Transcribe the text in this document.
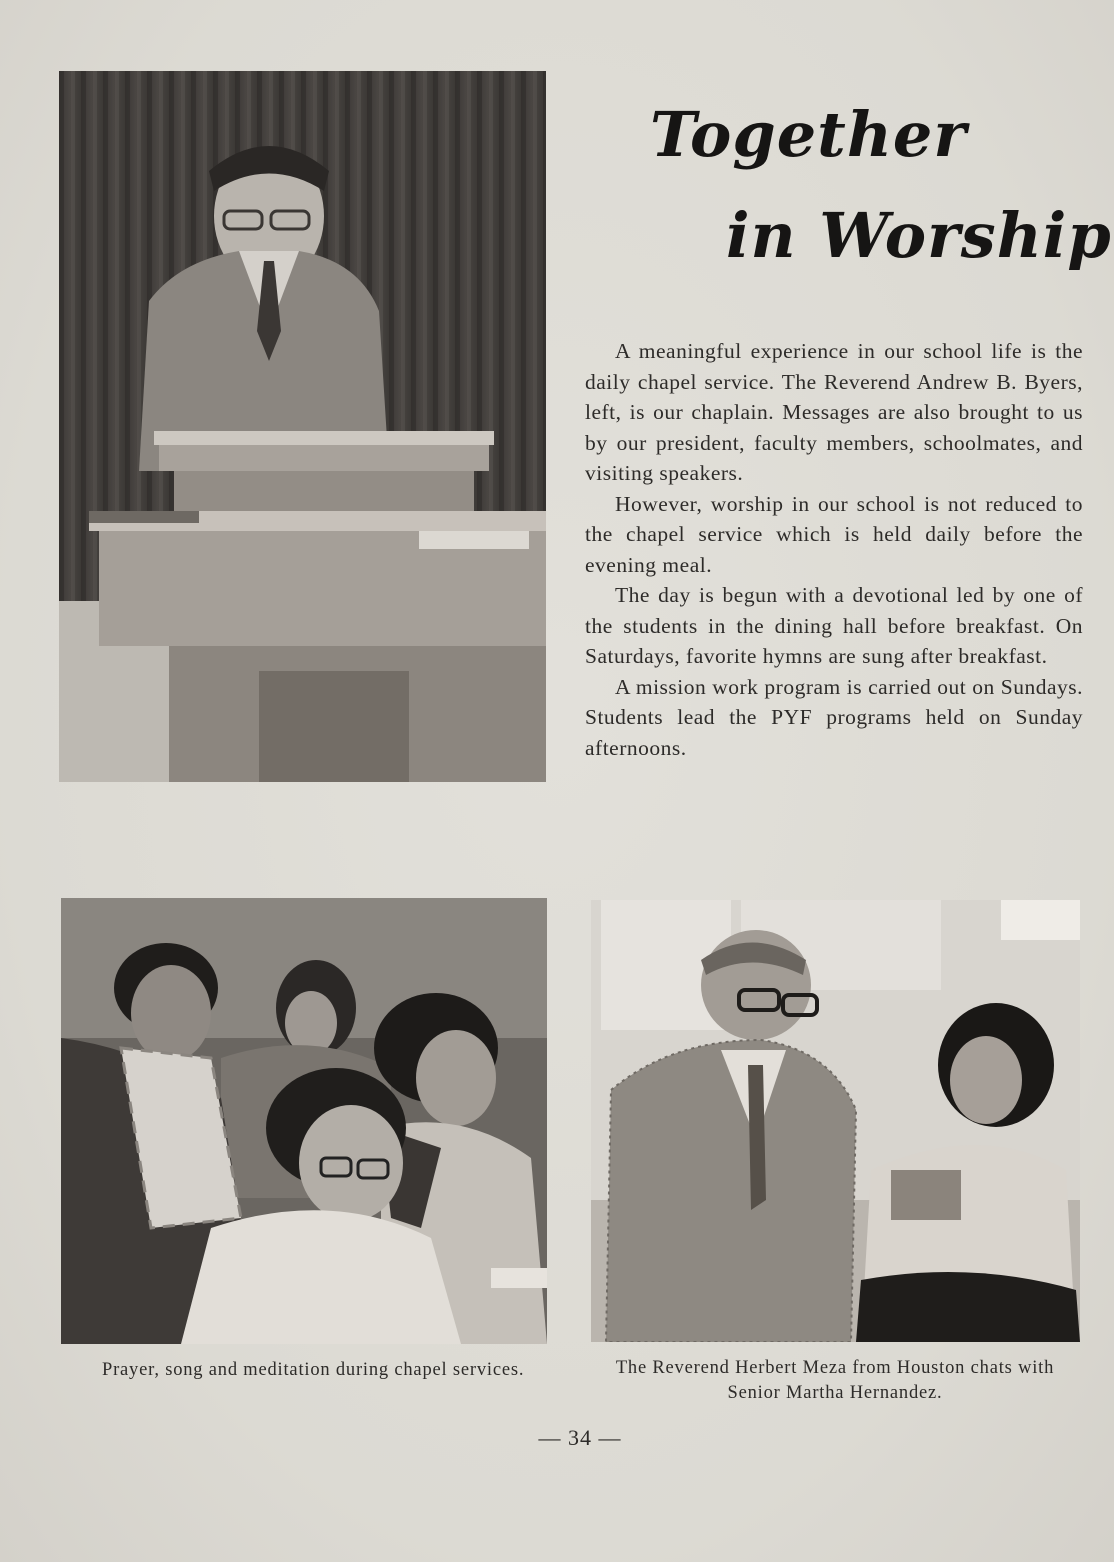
Together
in Worship

A meaningful experience in our school life is the daily chapel service. The Reverend Andrew B. Byers, left, is our chaplain. Messages are also brought to us by our president, faculty members, schoolmates, and visiting speakers.

However, worship in our school is not reduced to the chapel service which is held daily before the evening meal.

The day is begun with a devotional led by one of the students in the dining hall before breakfast. On Saturdays, favorite hymns are sung after breakfast.

A mission work program is carried out on Sundays. Students lead the PYF programs held on Sunday afternoons.

Prayer, song and meditation during chapel services.	The Reverend Herbert Meza from Houston chats with Senior Martha Hernandez.
— 34 —
